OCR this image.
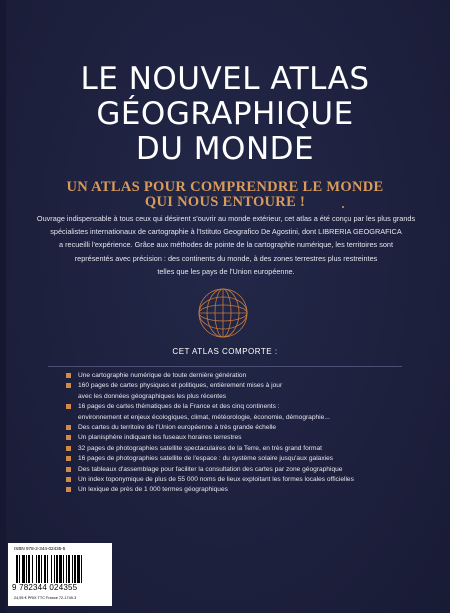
LE NOUVEL ATLAS
GÉOGRAPHIQUE
DU MONDE
UN ATLAS POUR COMPRENDRE LE MONDE
QUI NOUS ENTOURE !
Ouvrage indispensable à tous ceux qui désirent s'ouvrir au monde extérieur, cet atlas a été conçu par les plus grands
spécialistes internationaux de cartographie à l'Istituto Geografico De Agostini, dont LIBRERIA GEOGRAFICA
a recueilli l'expérience. Grâce aux méthodes de pointe de la cartographie numérique, les territoires sont
représentés avec précision : des continents du monde, à des zones terrestres plus restreintes
telles que les pays de l'Union européenne.
CET ATLAS COMPORTE :
Une cartographie numérique de toute dernière génération
160 pages de cartes physiques et politiques, entièrement mises à jour
avec les données géographiques les plus récentes
16 pages de cartes thématiques de la France et des cinq continents :
environnement et enjeux écologiques, climat, météorologie, économie, démographie...
Des cartes du territoire de l'Union européenne à très grande échelle
Un planisphère indiquant les fuseaux horaires terrestres
32 pages de photographies satellite spectaculaires de la Terre, en très grand format
16 pages de photographies satellite de l'espace : du système solaire jusqu'aux galaxies
Des tableaux d'assemblage pour faciliter la consultation des cartes par zone géographique
Un index toponymique de plus de 55 000 noms de lieux exploitant les formes locales officielles
Un lexique de près de 1 000 termes géographiques
ISBN 978-2-344-02435-5
9 782344 024355
24,95 € PRIX TTC France 72-1749-3
